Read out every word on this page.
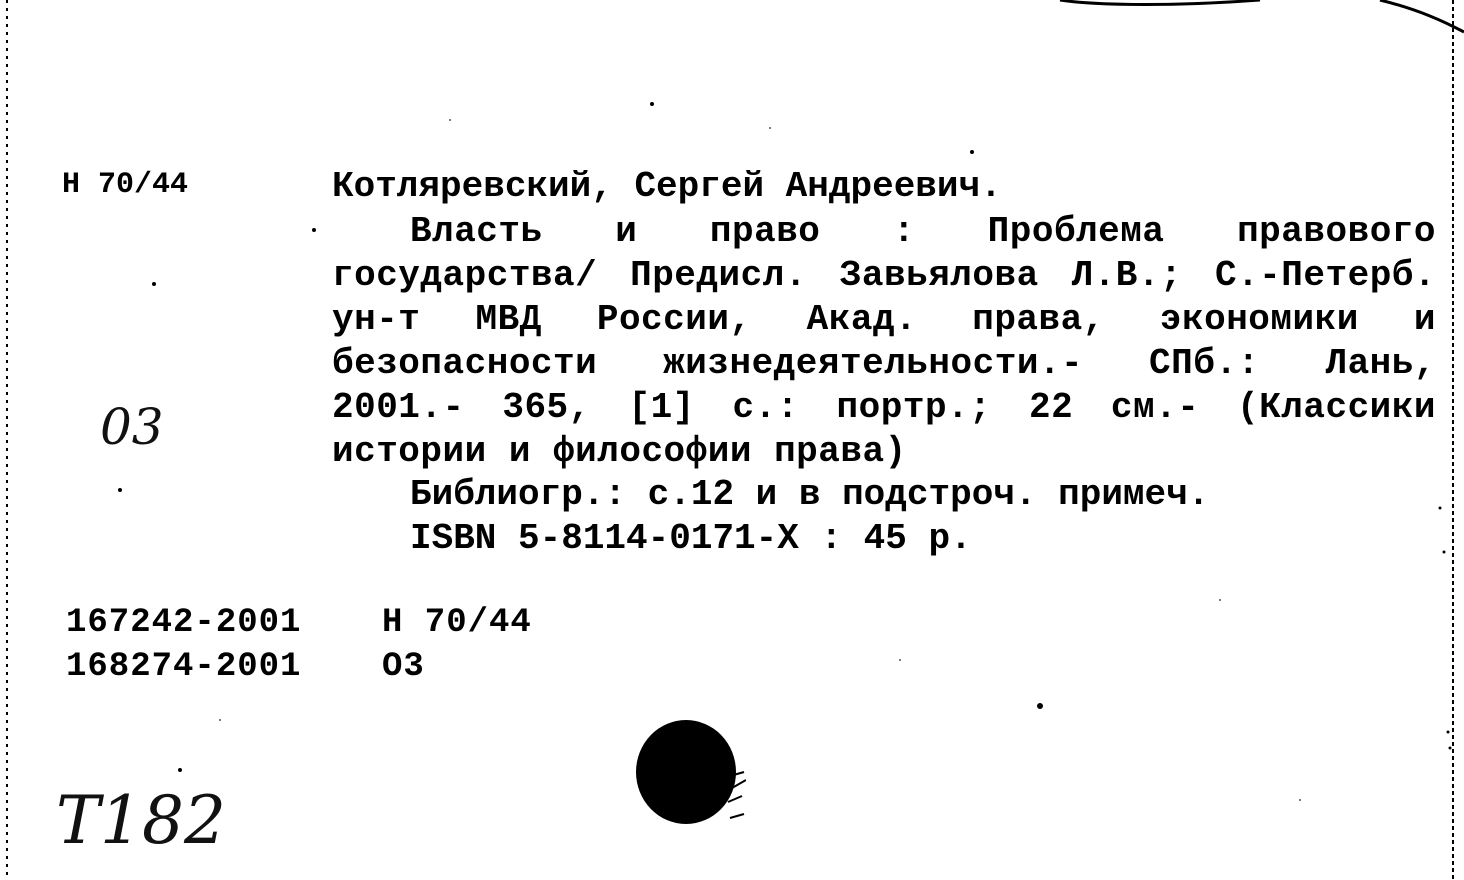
Н 70/44	Котляревский, Сергей Андреевич.
Власть и право : Проблема правового государства/ Предисл. Завьялова Л.В.; С.-Петерб. ун-т МВД России, Акад. права, экономики и безопасности жизнедеятельности.- СПб.: Лань, 2001.- 365, [1] с.: портр.; 22 см.- (Классики истории и философии права)
Библиогр.: с.12 и в подстроч. примеч.
ISBN 5-8114-0171-X : 45 р.
167242-2001 Н 70/44
168274-2001 О3
03
Т182
